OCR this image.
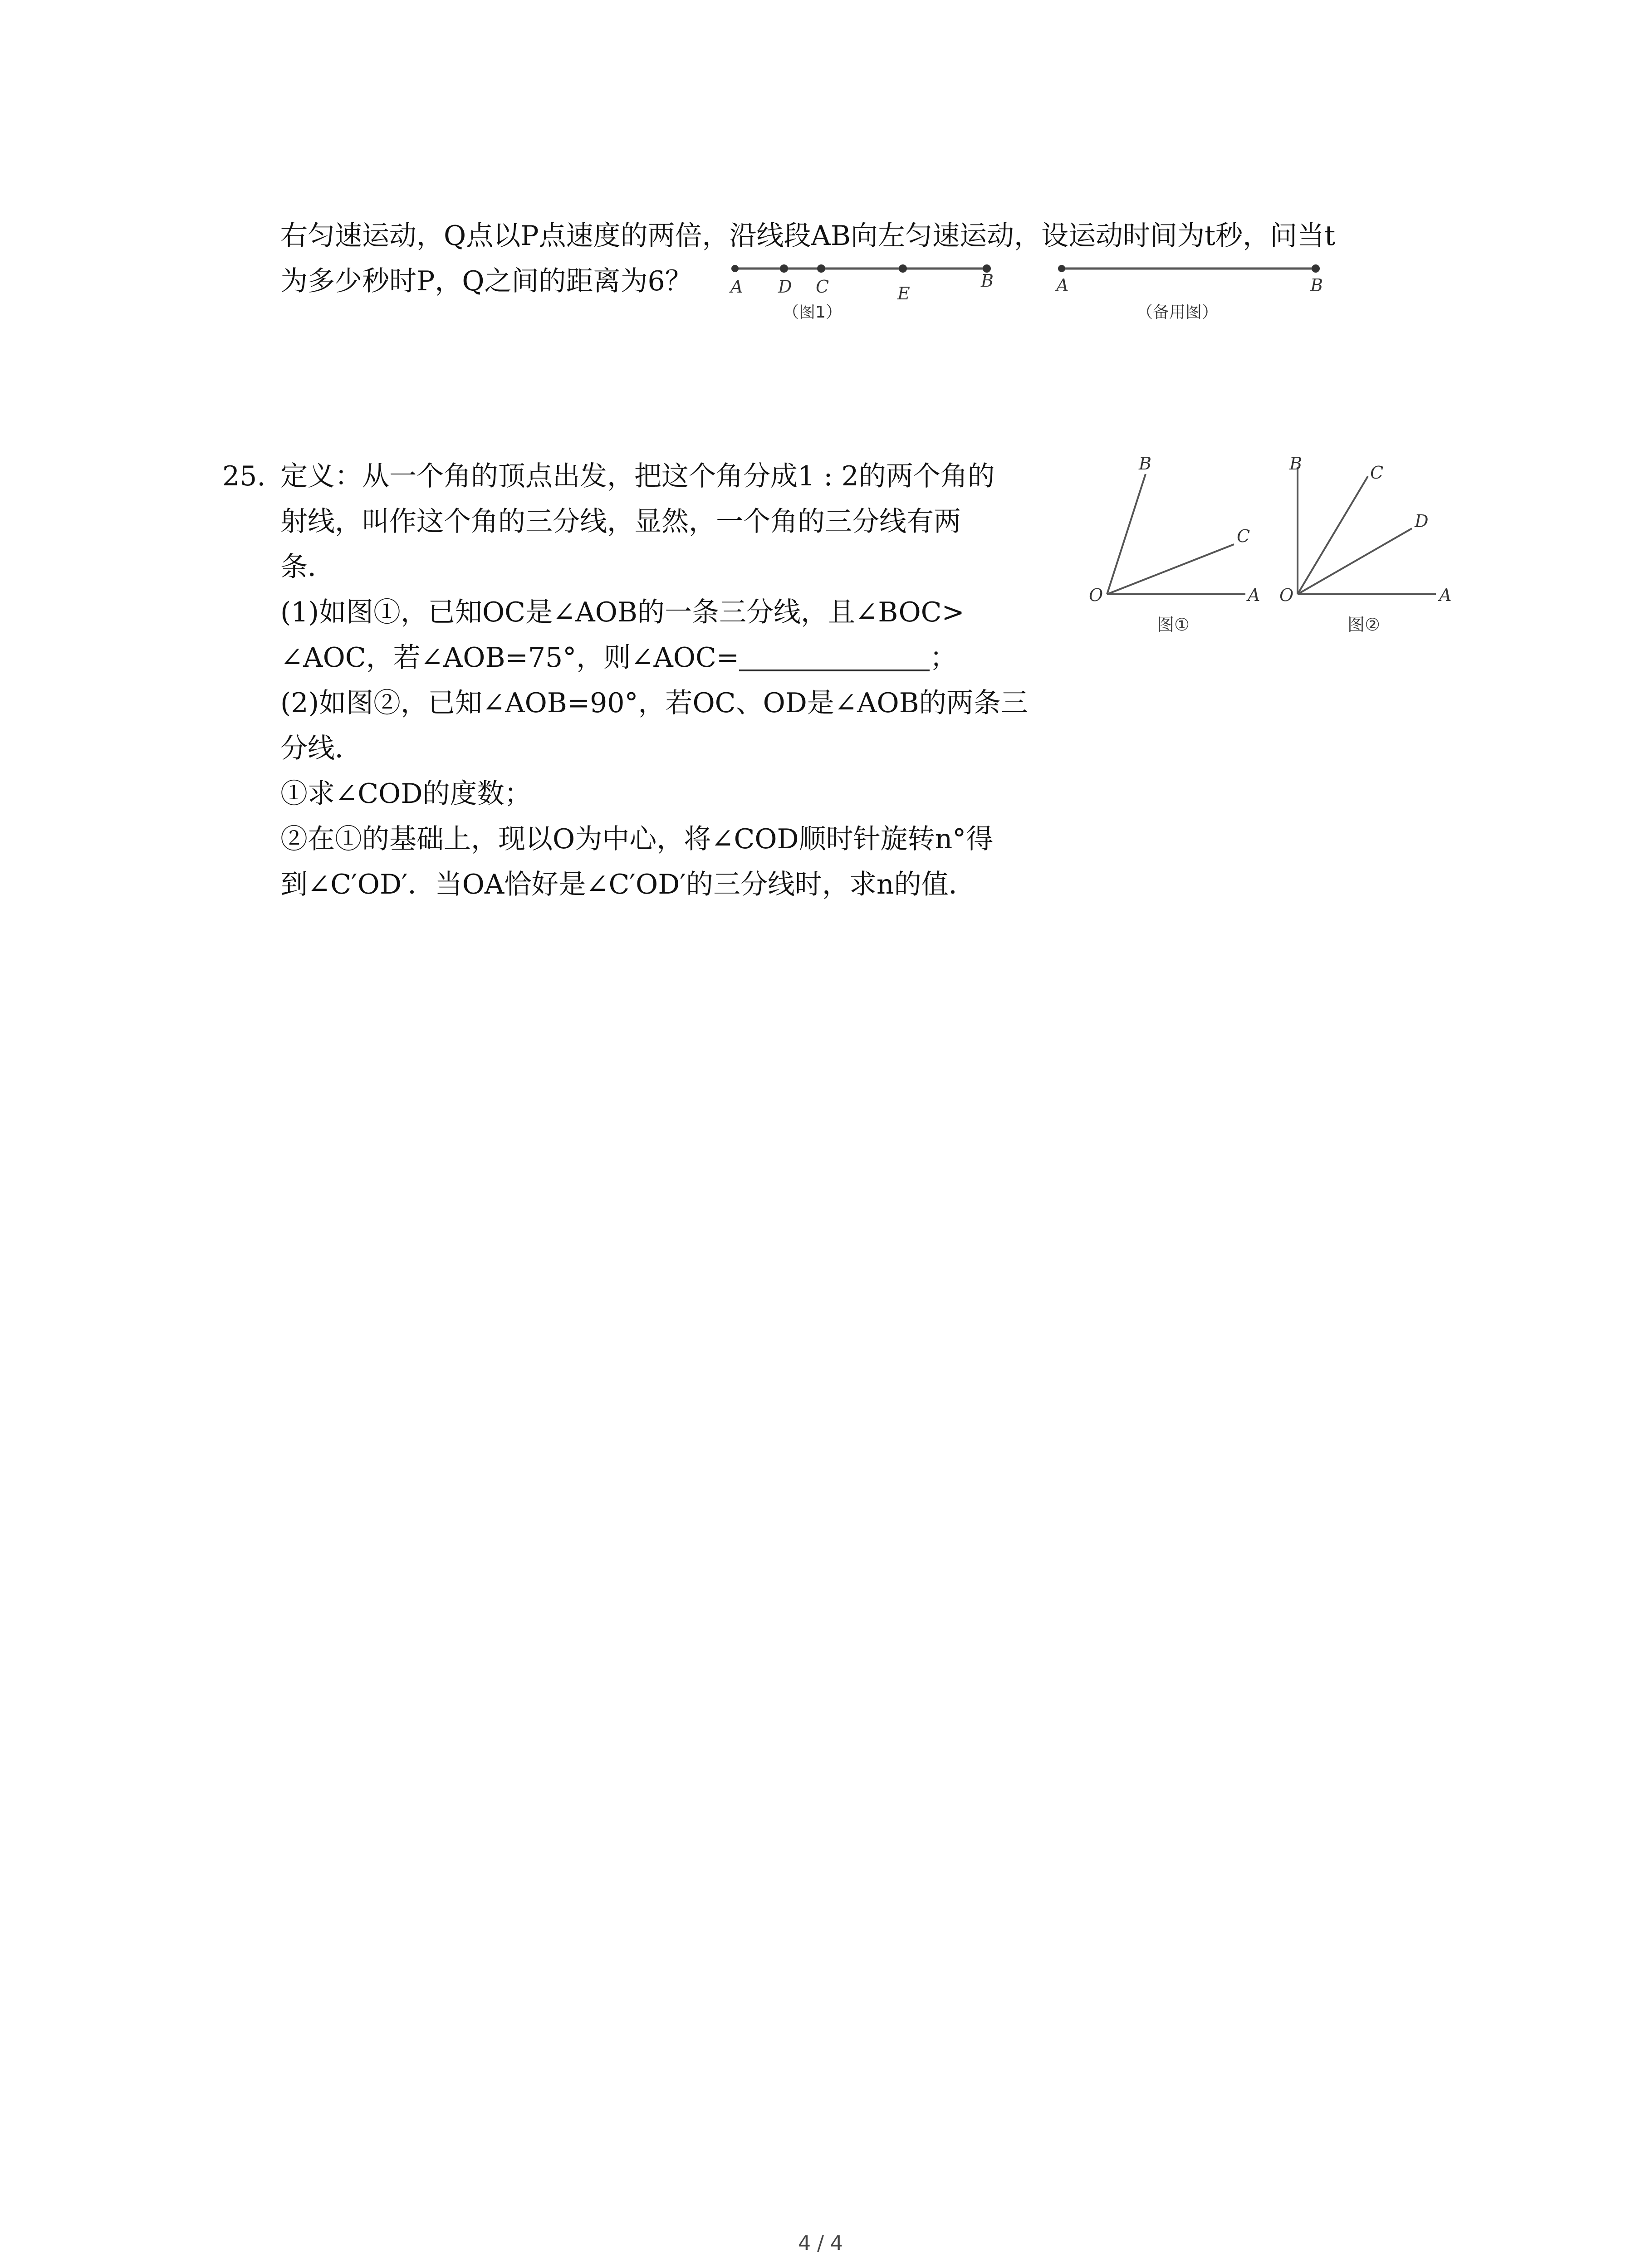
右匀速运动，Q点以P点速度的两倍，沿线段AB向左匀速运动，设运动时间为t秒，问当t
为多少秒时P，Q之间的距离为6？ A D C	E
B
（图1）
A	B
（备用图）
25. 定义：从一个角的顶点出发，把这个角分成1 : 2的两个角的
射线，叫作这个角的三分线，显然，一个角的三分线有两
条．
(1)如图①，已知OC是∠AOB的一条三分线，且∠BOC>
∠AOC，若∠AOB=75°，则∠AOC=	；
(2)如图②，已知∠AOB=90°，若OC、OD是∠AOB的两条三
分线．
①求∠COD的度数；
②在①的基础上，现以O为中心，将∠COD顺时针旋转n°得
到∠C′OD′．当OA恰好是∠C′OD′的三分线时，求n的值．
B
C
O	A
图①
B	C
D
O	A
图②
4 / 4
